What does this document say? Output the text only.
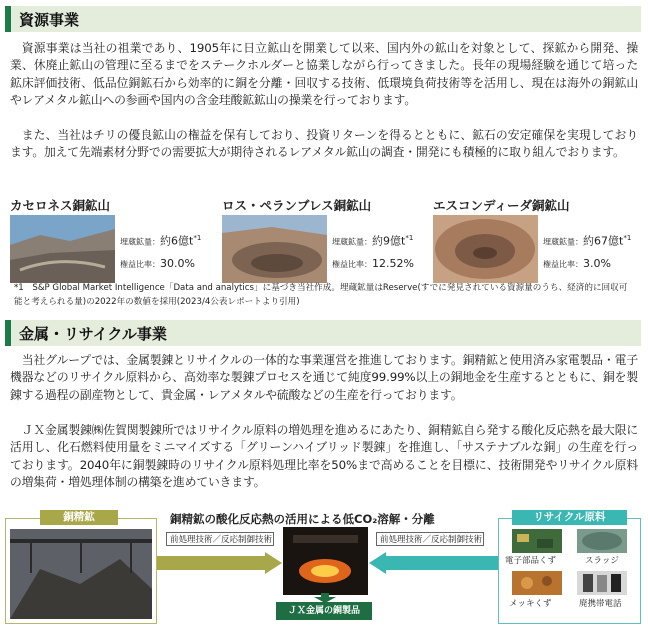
資源事業

資源事業は当社の祖業であり、1905年に日立鉱山を開業して以来、国内外の鉱山を対象として、探鉱から開発、操業、休廃止鉱山の管理に至るまでをステークホルダーと協業しながら行ってきました。長年の現場経験を通じて培った鉱床評価技術、低品位銅鉱石から効率的に銅を分離・回収する技術、低環境負荷技術等を活用し、現在は海外の銅鉱山やレアメタル鉱山への参画や国内の含金珪酸鉱鉱山の操業を行っております。

また、当社はチリの優良鉱山の権益を保有しており、投資リターンを得るとともに、鉱石の安定確保を実現しております。加えて先端素材分野での需要拡大が期待されるレアメタル鉱山の調査・開発にも積極的に取り組んでおります。

カセロネス銅鉱山
埋蔵鉱量：約6億$t^{*1}$
権益比率：30.0%
ロス・ペランブレス銅鉱山
埋蔵鉱量：約9億$t^{*1}$
権益比率：12.52%
エスコンディーダ銅鉱山
埋蔵鉱量：約67億$t^{*1}$
権益比率：3.0%

*1　S&P Global Market Intelligence「Data and analytics」に基づき当社作成。埋蔵鉱量はReserve(すでに発見されている資源量のうち、経済的に回収可能と考えられる量)の2022年の数値を採用(2023/4公表レポートより引用)

金属・リサイクル事業

当社グループでは、金属製錬とリサイクルの一体的な事業運営を推進しております。銅精鉱と使用済み家電製品・電子機器などのリサイクル原料から、高効率な製錬プロセスを通じて純度99.99%以上の銅地金を生産するとともに、銅を製錬する過程の副産物として、貴金属・レアメタルや硫酸などの生産を行っております。

ＪＸ金属製錬㈱佐賀関製錬所ではリサイクル原料の増処理を進めるにあたり、銅精鉱自ら発する酸化反応熱を最大限に活用し、化石燃料使用量をミニマイズする「グリーンハイブリッド製錬」を推進し、「サステナブルな銅」の生産を行っております。2040年に銅製錬時のリサイクル原料処理比率を50%まで高めることを目標に、技術開発やリサイクル原料の増集荷・増処理体制の構築を進めていきます。

銅精鉱の酸化反応熱の活用による低CO₂溶解・分離
銅精鉱
前処理技術／反応制御技術
ＪＸ金属の銅製品
前処理技術／反応制御技術
電子部品くず	スラッジ
メッキくず	廃携帯電話
リサイクル原料
